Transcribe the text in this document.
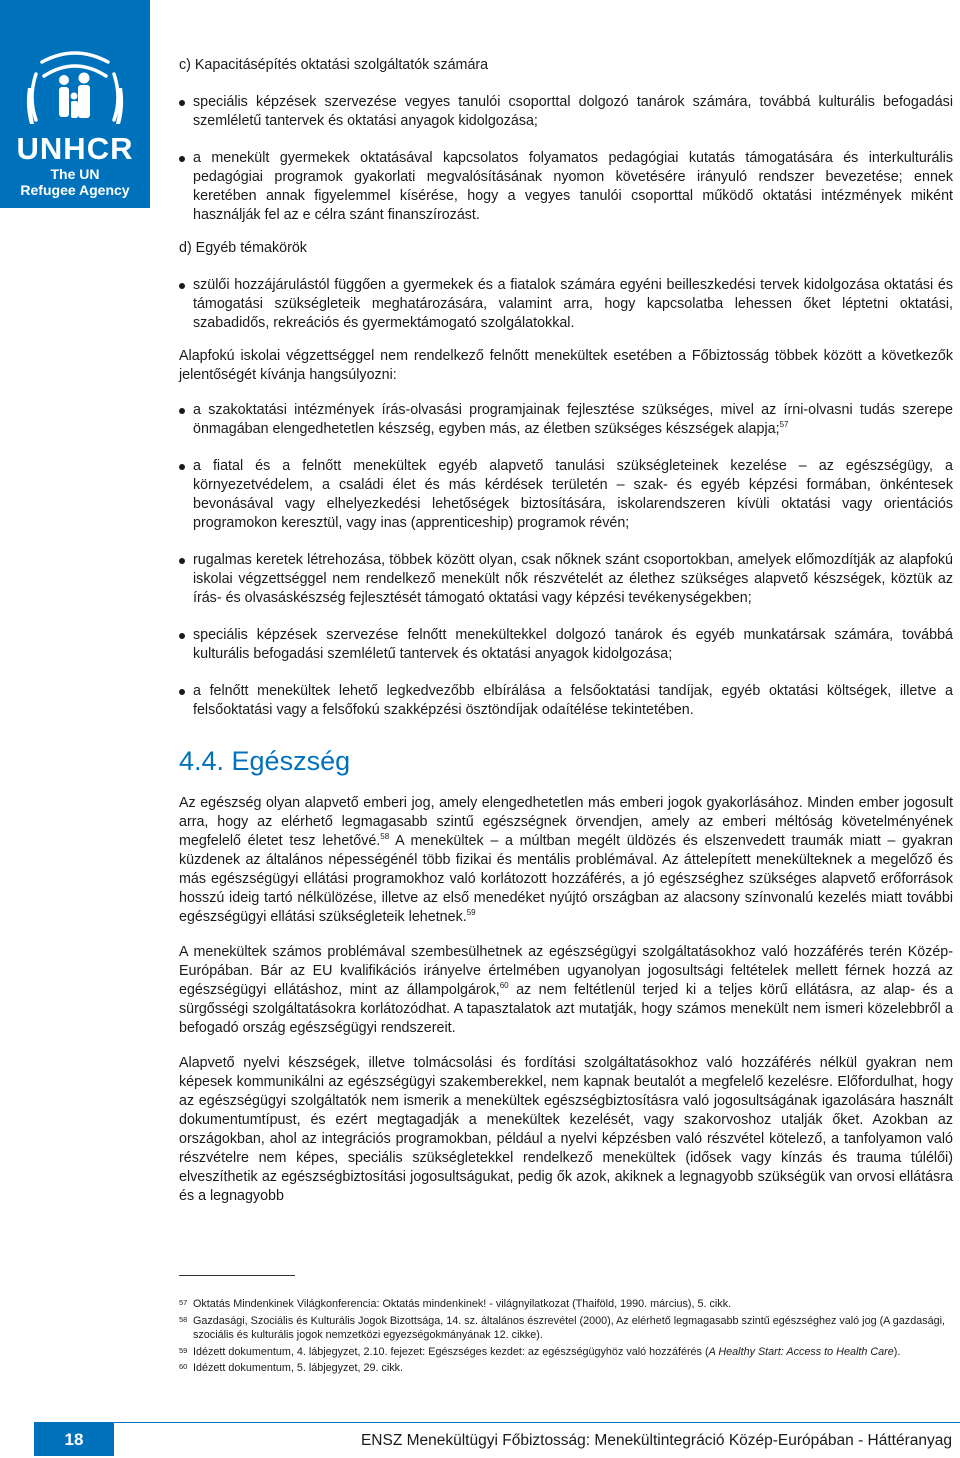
UNHCR
The UN
Refugee Agency
c) Kapacitásépítés oktatási szolgáltatók számára
speciális képzések szervezése vegyes tanulói csoporttal dolgozó tanárok számára, továbbá kulturális befogadási szemléletű tantervek és oktatási anyagok kidolgozása;
a menekült gyermekek oktatásával kapcsolatos folyamatos pedagógiai kutatás támogatására és interkulturális pedagógiai programok gyakorlati megvalósításának nyomon követésére irányuló rendszer bevezetése; ennek keretében annak figyelemmel kísérése, hogy a vegyes tanulói csoporttal működő oktatási intézmények miként használják fel az e célra szánt finanszírozást.
d) Egyéb témakörök
szülői hozzájárulástól függően a gyermekek és a fiatalok számára egyéni beilleszkedési tervek kidolgozása oktatási és támogatási szükségleteik meghatározására, valamint arra, hogy kapcsolatba lehessen őket léptetni oktatási, szabadidős, rekreációs és gyermektámogató szolgálatokkal.

Alapfokú iskolai végzettséggel nem rendelkező felnőtt menekültek esetében a Főbiztosság többek között a következők jelentőségét kívánja hangsúlyozni:

a szakoktatási intézmények írás-olvasási programjainak fejlesztése szükséges, mivel az írni-olvasni tudás szerepe önmagában elengedhetetlen készség, egyben más, az életben szükséges készségek alapja;$^{57}$
a fiatal és a felnőtt menekültek egyéb alapvető tanulási szükségleteinek kezelése – az egészségügy, a környezetvédelem, a családi élet és más kérdések területén – szak- és egyéb képzési formában, önkéntesek bevonásával vagy elhelyezkedési lehetőségek biztosítására, iskolarendszeren kívüli oktatási vagy orientációs programokon keresztül, vagy inas (apprenticeship) programok révén;
rugalmas keretek létrehozása, többek között olyan, csak nőknek szánt csoportokban, amelyek előmozdítják az alapfokú iskolai végzettséggel nem rendelkező menekült nők részvételét az élethez szükséges alapvető készségek, köztük az írás- és olvasáskészség fejlesztését támogató oktatási vagy képzési tevékenységekben;
speciális képzések szervezése felnőtt menekültekkel dolgozó tanárok és egyéb munkatársak számára, továbbá kulturális befogadási szemléletű tantervek és oktatási anyagok kidolgozása;
a felnőtt menekültek lehető legkedvezőbb elbírálása a felsőoktatási tandíjak, egyéb oktatási költségek, illetve a felsőoktatási vagy a felsőfokú szakképzési ösztöndíjak odaítélése tekintetében.
4.4. Egészség

Az egészség olyan alapvető emberi jog, amely elengedhetetlen más emberi jogok gyakorlásához. Minden ember jogosult arra, hogy az elérhető legmagasabb szintű egészségnek örvendjen, amely az emberi méltóság követelményének megfelelő életet tesz lehetővé.$^{58}$ A menekültek – a múltban megélt üldözés és elszenvedett traumák miatt – gyakran küzdenek az általános népességénél több fizikai és mentális problémával. Az áttelepített menekülteknek a megelőző és más egészségügyi ellátási programokhoz való korlátozott hozzáférés, a jó egészséghez szükséges alapvető erőforrások hosszú ideig tartó nélkülözése, illetve az első menedéket nyújtó országban az alacsony színvonalú kezelés miatt további egészségügyi ellátási szükségleteik lehetnek.$^{59}$

A menekültek számos problémával szembesülhetnek az egészségügyi szolgáltatásokhoz való hozzáférés terén Közép-Európában. Bár az EU kvalifikációs irányelve értelmében ugyanolyan jogosultsági feltételek mellett férnek hozzá az egészségügyi ellátáshoz, mint az állampolgárok,$^{60}$ az nem feltétlenül terjed ki a teljes körű ellátásra, az alap- és a sürgősségi szolgáltatásokra korlátozódhat. A tapasztalatok azt mutatják, hogy számos menekült nem ismeri közelebbről a befogadó ország egészségügyi rendszereit.

Alapvető nyelvi készségek, illetve tolmácsolási és fordítási szolgáltatásokhoz való hozzáférés nélkül gyakran nem képesek kommunikálni az egészségügyi szakemberekkel, nem kapnak beutalót a megfelelő kezelésre. Előfordulhat, hogy az egészségügyi szolgáltatók nem ismerik a menekültek egészségbiztosításra való jogosultságának igazolására használt dokumentumtípust, és ezért megtagadják a menekültek kezelését, vagy szakorvoshoz utalják őket. Azokban az országokban, ahol az integrációs programokban, például a nyelvi képzésben való részvétel kötelező, a tanfolyamon való részvételre nem képes, speciális szükségletekkel rendelkező menekültek (idősek vagy kínzás és trauma túlélői) elveszíthetik az egészségbiztosítási jogosultságukat, pedig ők azok, akiknek a legnagyobb szükségük van orvosi ellátásra és a legnagyobb

57 Oktatás Mindenkinek Világkonferencia: Oktatás mindenkinek! - világnyilatkozat (Thaiföld, 1990. március), 5. cikk.
58 Gazdasági, Szociális és Kulturális Jogok Bizottsága, 14. sz. általános észrevétel (2000), Az elérhető legmagasabb szintű egészséghez való jog (A gazdasági, szociális és kulturális jogok nemzetközi egyezségokmányának 12. cikke).
59 Idézett dokumentum, 4. lábjegyzet, 2.10. fejezet: Egészséges kezdet: az egészségügyhöz való hozzáférés (A Healthy Start: Access to Health Care).
60 Idézett dokumentum, 5. lábjegyzet, 29. cikk.
18	ENSZ Menekültügyi Főbiztosság: Menekültintegráció Közép-Európában - Háttéranyag
